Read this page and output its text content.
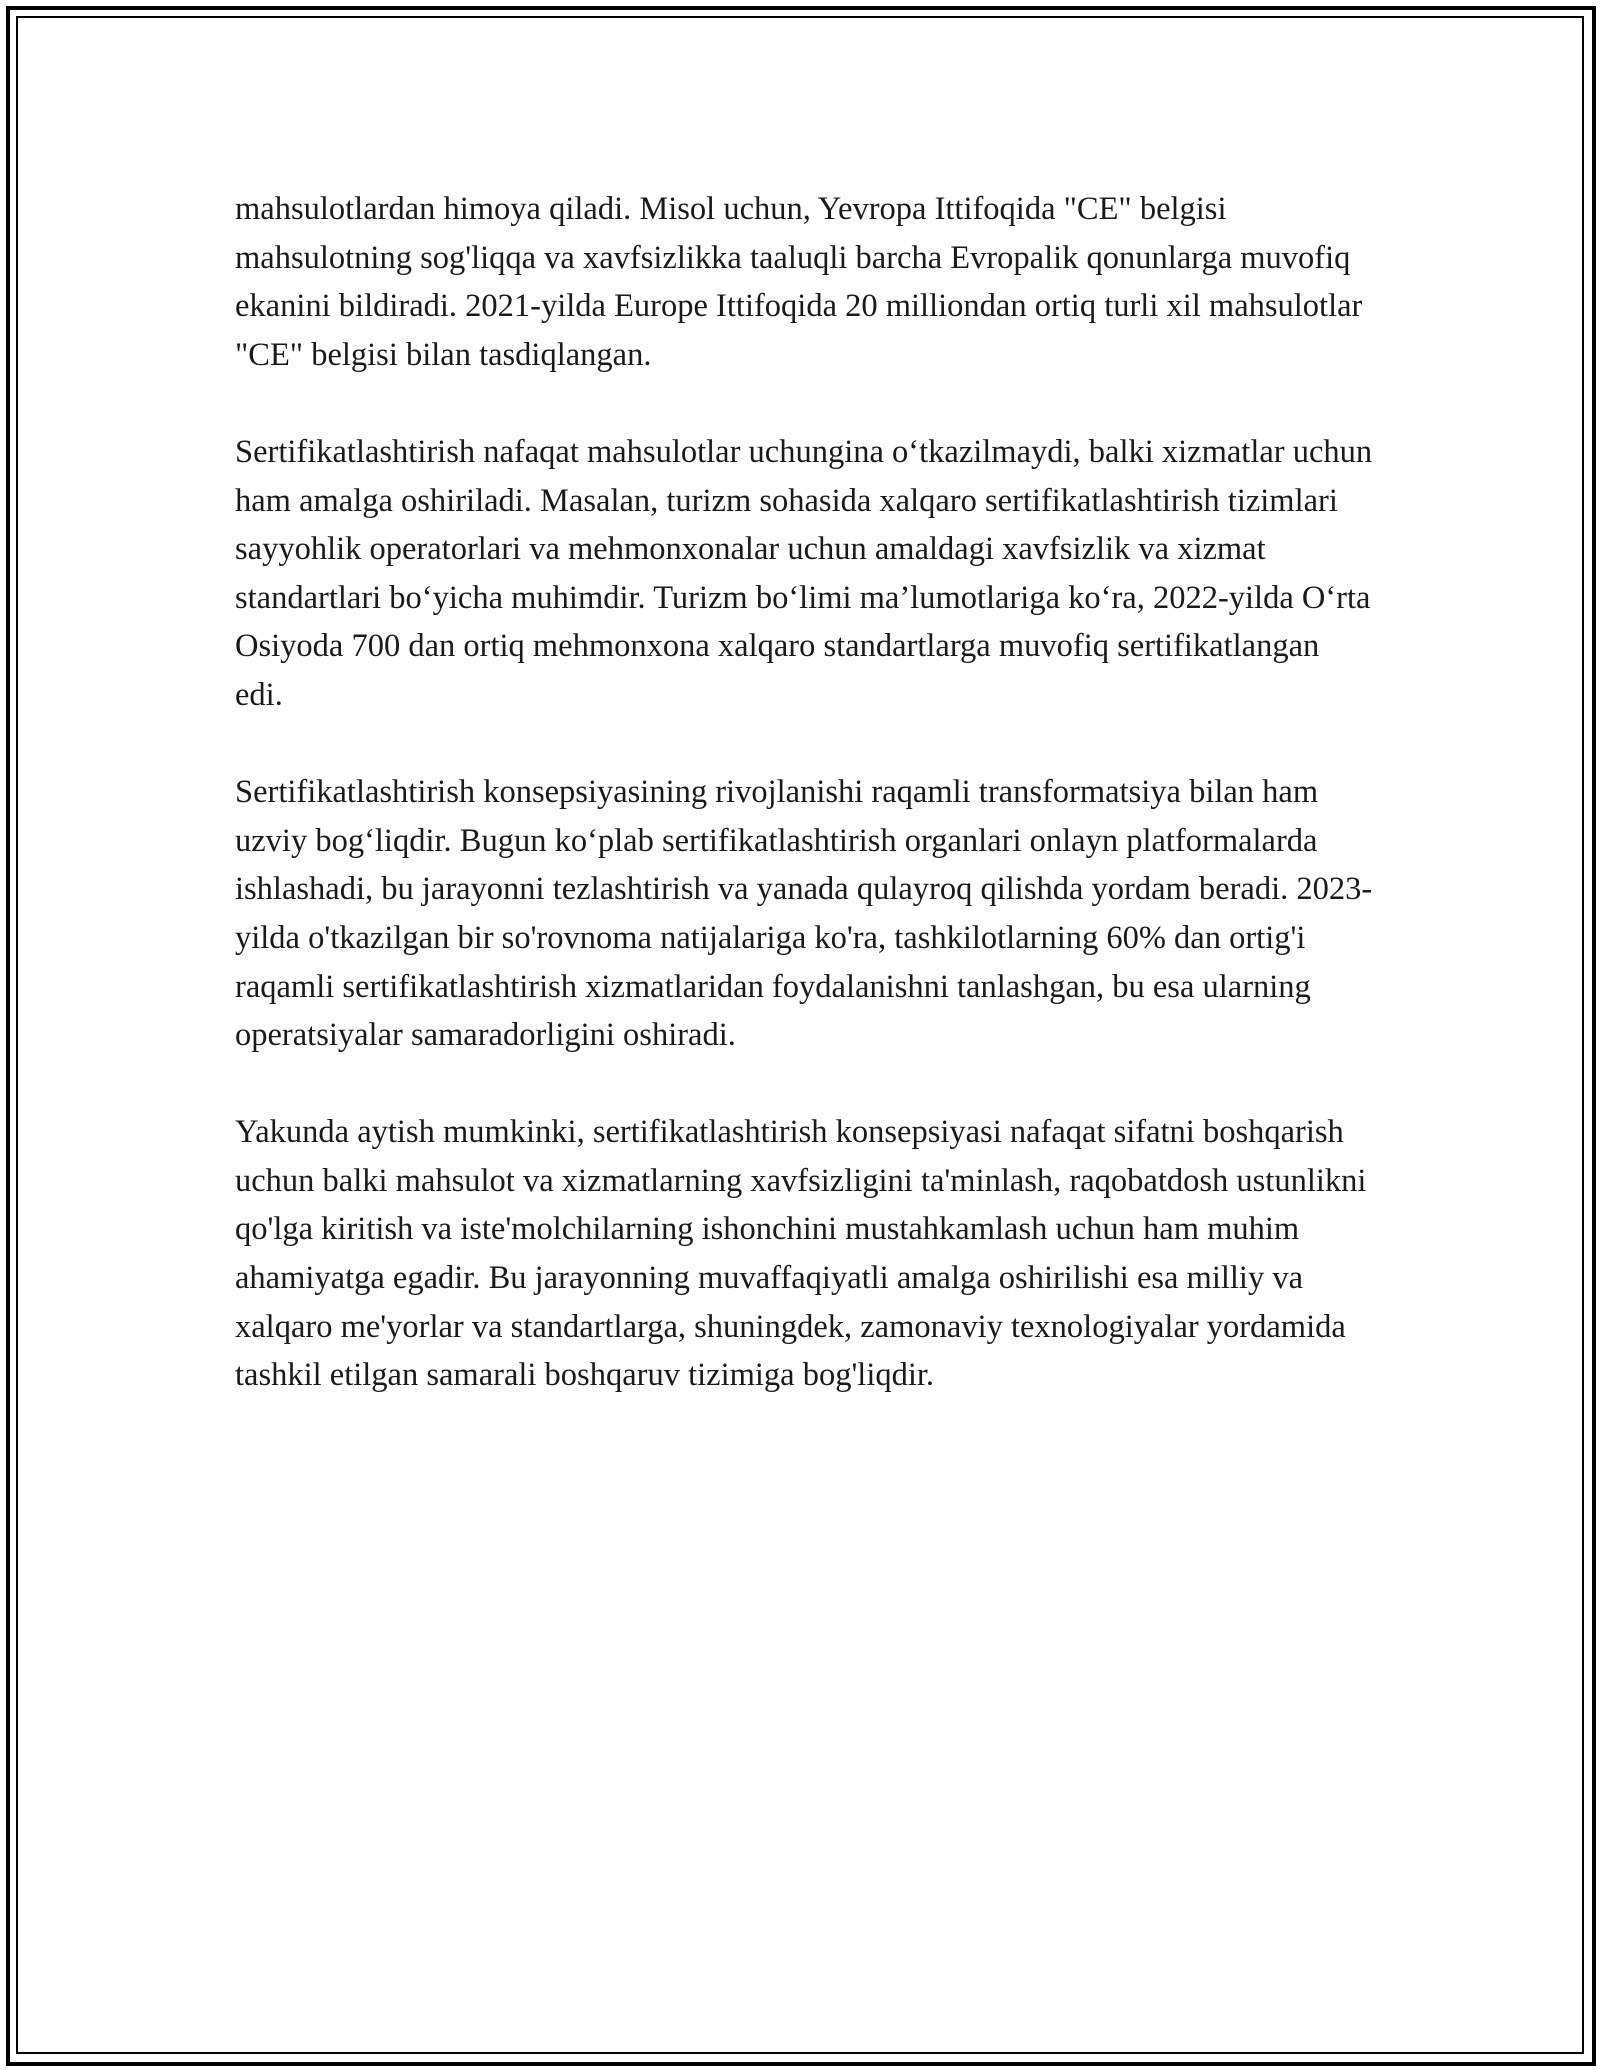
mahsulotlardan himoya qiladi. Misol uchun, Yevropa Ittifoqida "CE" belgisi mahsulotning sog'liqqa va xavfsizlikka taaluqli barcha Evropalik qonunlarga muvofiq ekanini bildiradi. 2021-yilda Europe Ittifoqida 20 milliondan ortiq turli xil mahsulotlar "CE" belgisi bilan tasdiqlangan.

Sertifikatlashtirish nafaqat mahsulotlar uchungina o‘tkazilmaydi, balki xizmatlar uchun ham amalga oshiriladi. Masalan, turizm sohasida xalqaro sertifikatlashtirish tizimlari sayyohlik operatorlari va mehmonxonalar uchun amaldagi xavfsizlik va xizmat standartlari bo‘yicha muhimdir. Turizm bo‘limi ma’lumotlariga ko‘ra, 2022-yilda O‘rta Osiyoda 700 dan ortiq mehmonxona xalqaro standartlarga muvofiq sertifikatlangan edi.

Sertifikatlashtirish konsepsiyasining rivojlanishi raqamli transformatsiya bilan ham uzviy bog‘liqdir. Bugun ko‘plab sertifikatlashtirish organlari onlayn platformalarda ishlashadi, bu jarayonni tezlashtirish va yanada qulayroq qilishda yordam beradi. 2023-yilda o'tkazilgan bir so'rovnoma natijalariga ko'ra, tashkilotlarning 60% dan ortig'i raqamli sertifikatlashtirish xizmatlaridan foydalanishni tanlashgan, bu esa ularning operatsiyalar samaradorligini oshiradi.

Yakunda aytish mumkinki, sertifikatlashtirish konsepsiyasi nafaqat sifatni boshqarish uchun balki mahsulot va xizmatlarning xavfsizligini ta'minlash, raqobatdosh ustunlikni qo'lga kiritish va iste'molchilarning ishonchini mustahkamlash uchun ham muhim ahamiyatga egadir. Bu jarayonning muvaffaqiyatli amalga oshirilishi esa milliy va xalqaro me'yorlar va standartlarga, shuningdek, zamonaviy texnologiyalar yordamida tashkil etilgan samarali boshqaruv tizimiga bog'liqdir.
